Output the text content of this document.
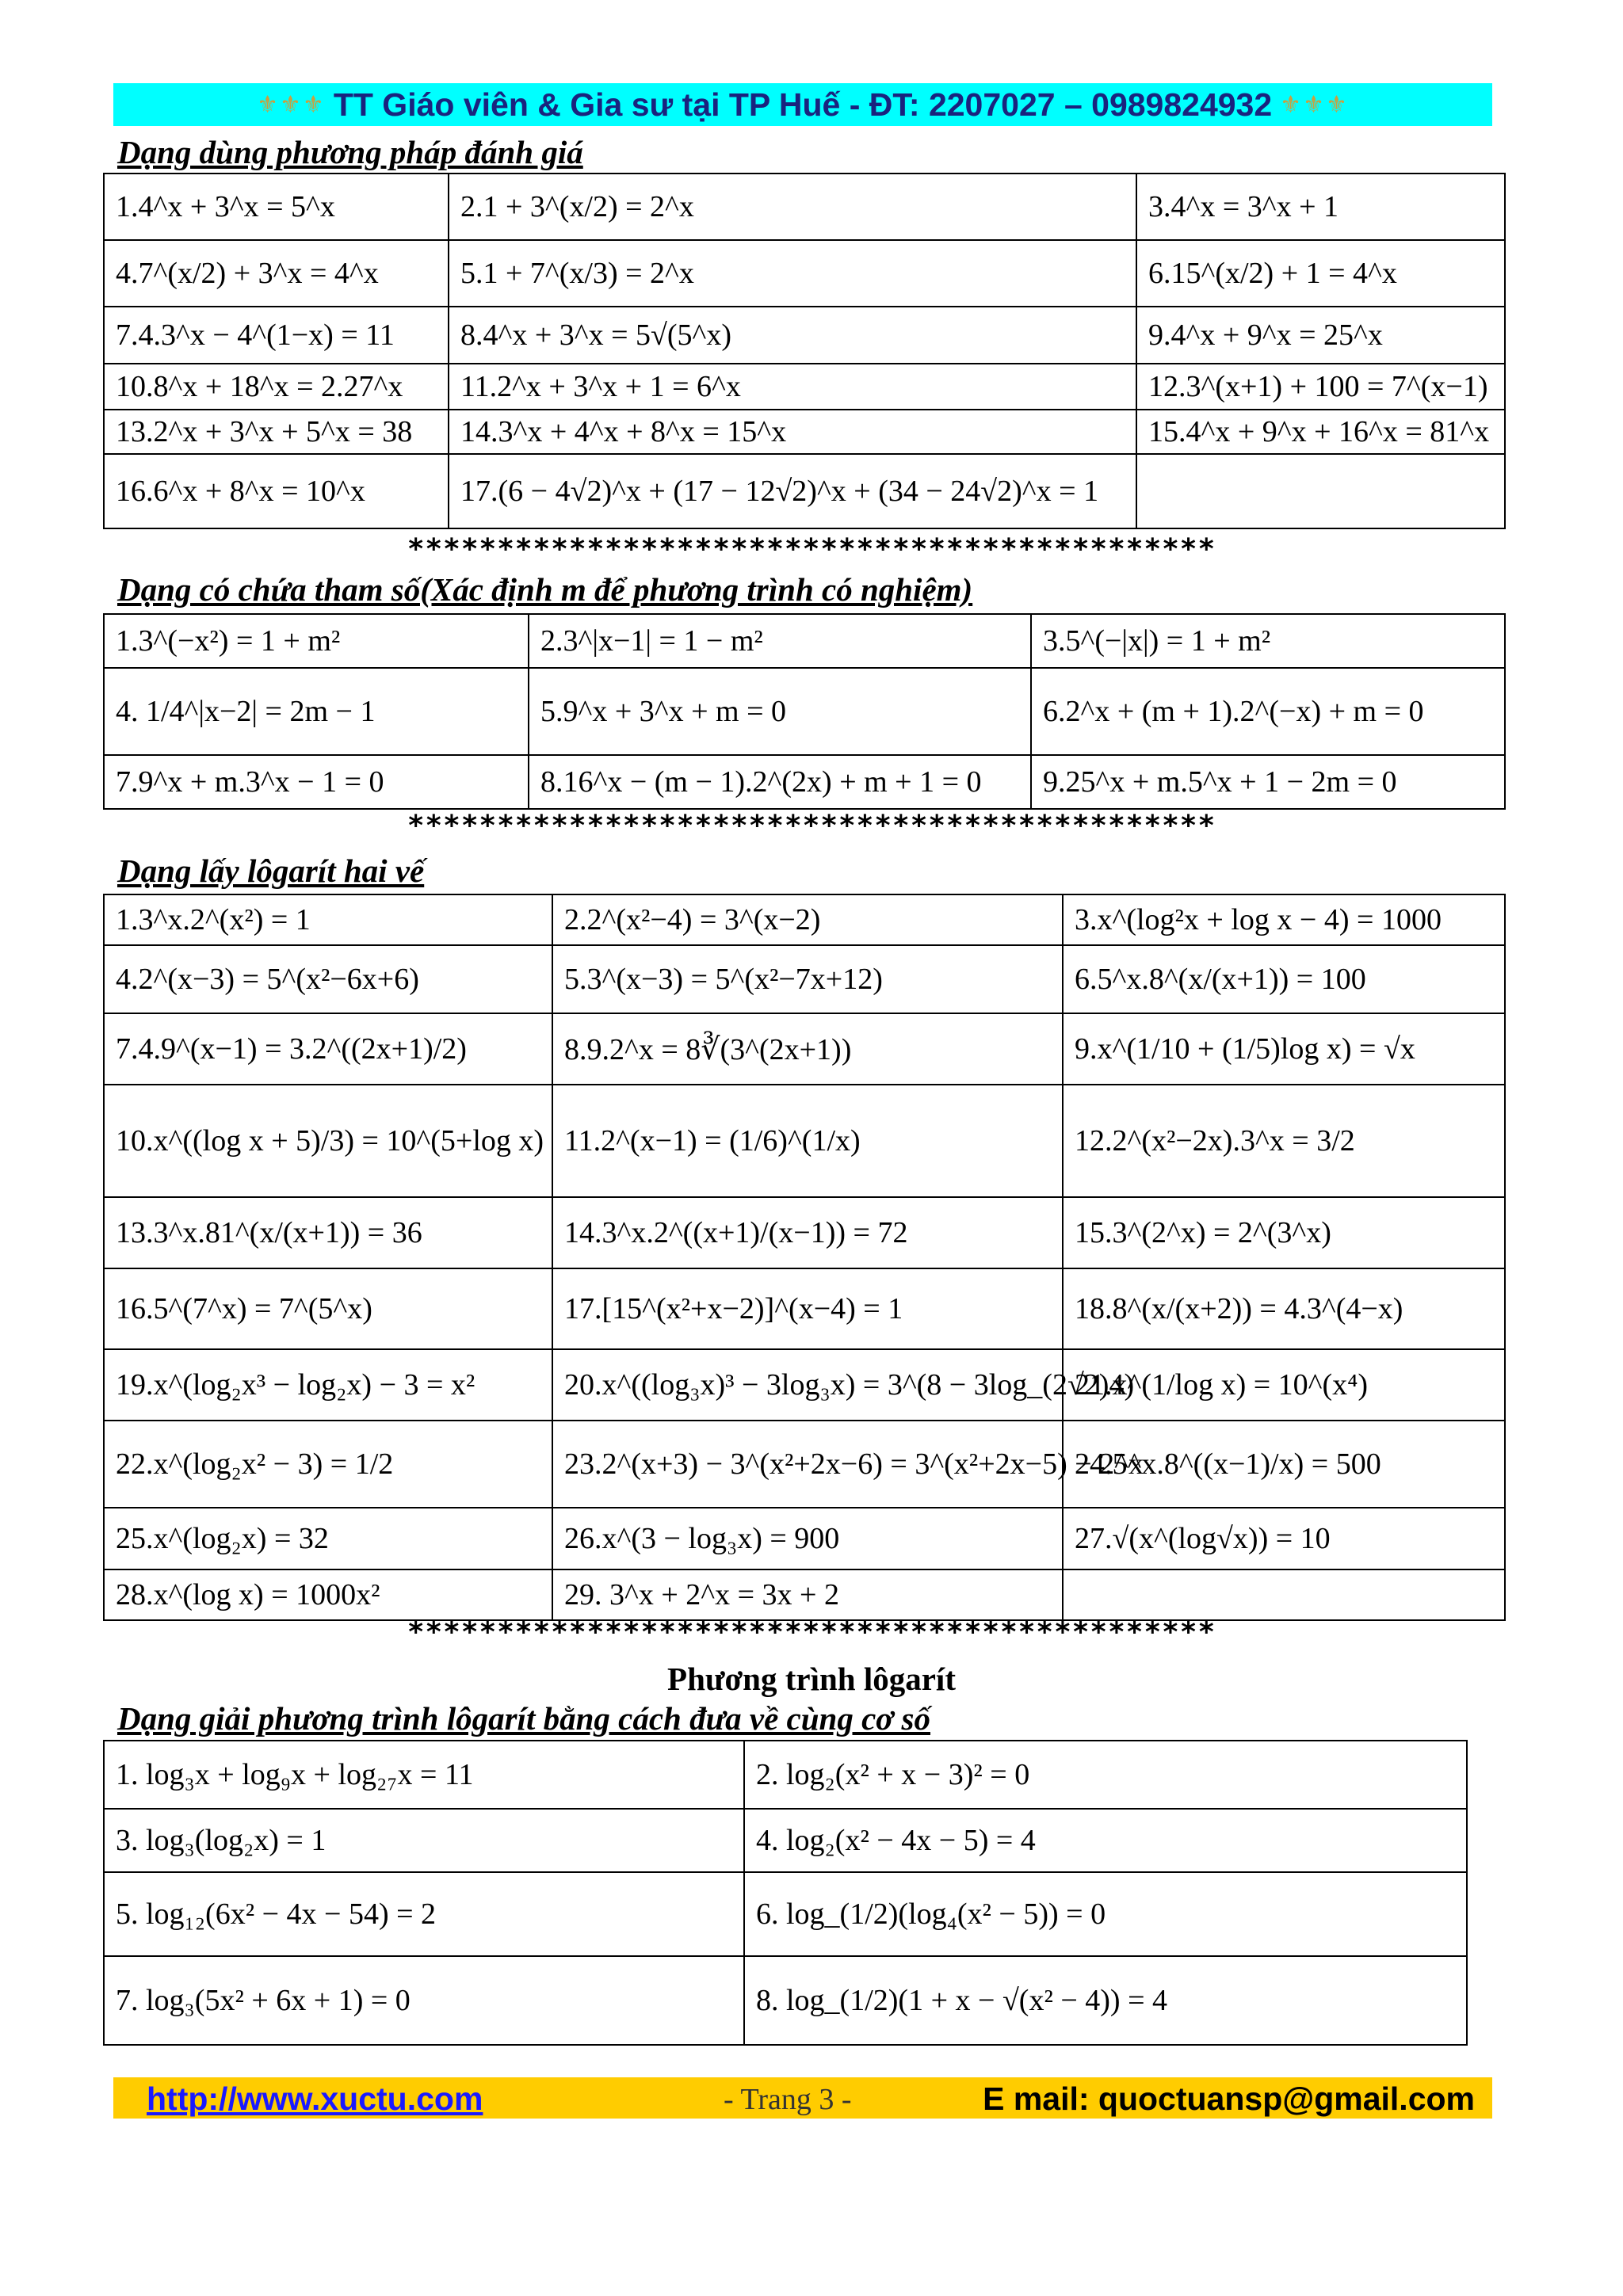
⚜⚜⚜ TT Giáo viên & Gia sư tại TP Huế - ĐT: 2207027 – 0989824932 ⚜⚜⚜
Dạng dùng phương pháp đánh giá
1.4^x + 3^x = 5^x	2.1 + 3^(x/2) = 2^x	3.4^x = 3^x + 1
4.7^(x/2) + 3^x = 4^x	5.1 + 7^(x/3) = 2^x	6.15^(x/2) + 1 = 4^x
7.4.3^x − 4^(1−x) = 11	8.4^x + 3^x = 5√(5^x)	9.4^x + 9^x = 25^x
10.8^x + 18^x = 2.27^x	11.2^x + 3^x + 1 = 6^x	12.3^(x+1) + 100 = 7^(x−1)
13.2^x + 3^x + 5^x = 38	14.3^x + 4^x + 8^x = 15^x	15.4^x + 9^x + 16^x = 81^x
16.6^x + 8^x = 10^x	17.(6 − 4√2)^x + (17 − 12√2)^x + (34 − 24√2)^x = 1	
*********************************************
Dạng có chứa tham số(Xác định m để phương trình có nghiệm)
1.3^(−x²) = 1 + m²	2.3^|x−1| = 1 − m²	3.5^(−|x|) = 1 + m²
4. 1/4^|x−2| = 2m − 1	5.9^x + 3^x + m = 0	6.2^x + (m + 1).2^(−x) + m = 0
7.9^x + m.3^x − 1 = 0	8.16^x − (m − 1).2^(2x) + m + 1 = 0	9.25^x + m.5^x + 1 − 2m = 0
*********************************************
Dạng lấy lôgarít hai vế
1.3^x.2^(x²) = 1	2.2^(x²−4) = 3^(x−2)	3.x^(log²x + log x − 4) = 1000
4.2^(x−3) = 5^(x²−6x+6)	5.3^(x−3) = 5^(x²−7x+12)	6.5^x.8^(x/(x+1)) = 100
7.4.9^(x−1) = 3.2^((2x+1)/2)	8.9.2^x = 8∛(3^(2x+1))	9.x^(1/10 + (1/5)log x) = √x
10.x^((log x + 5)/3) = 10^(5+log x)	11.2^(x−1) = (1/6)^(1/x)	12.2^(x²−2x).3^x = 3/2
13.3^x.81^(x/(x+1)) = 36	14.3^x.2^((x+1)/(x−1)) = 72	15.3^(2^x) = 2^(3^x)
16.5^(7^x) = 7^(5^x)	17.[15^(x²+x−2)]^(x−4) = 1	18.8^(x/(x+2)) = 4.3^(4−x)
19.x^(log₂x³ − log₂x) − 3 = x²	20.x^((log₃x)³ − 3log₃x) = 3^(8 − 3log_(2√2)4)	21.x^(1/log x) = 10^(x⁴)
22.x^(log₂x² − 3) = 1/2	23.2^(x+3) − 3^(x²+2x−6) = 3^(x²+2x−5) − 2^x	24.5^x.8^((x−1)/x) = 500
25.x^(log₂x) = 32	26.x^(3 − log₃x) = 900	27.√(x^(log√x)) = 10
28.x^(log x) = 1000x²	29. 3^x + 2^x = 3x + 2	
*********************************************
Phương trình lôgarít
Dạng giải phương trình lôgarít bằng cách đưa về cùng cơ số
1. log₃x + log₉x + log₂₇x = 11	2. log₂(x² + x − 3)² = 0
3. log₃(log₂x) = 1	4. log₂(x² − 4x − 5) = 4
5. log₁₂(6x² − 4x − 54) = 2	6. log_(1/2)(log₄(x² − 5)) = 0
7. log₃(5x² + 6x + 1) = 0	8. log_(1/2)(1 + x − √(x² − 4)) = 4
http://www.xuctu.com	- Trang 3 -	E mail: quoctuansp@gmail.com
